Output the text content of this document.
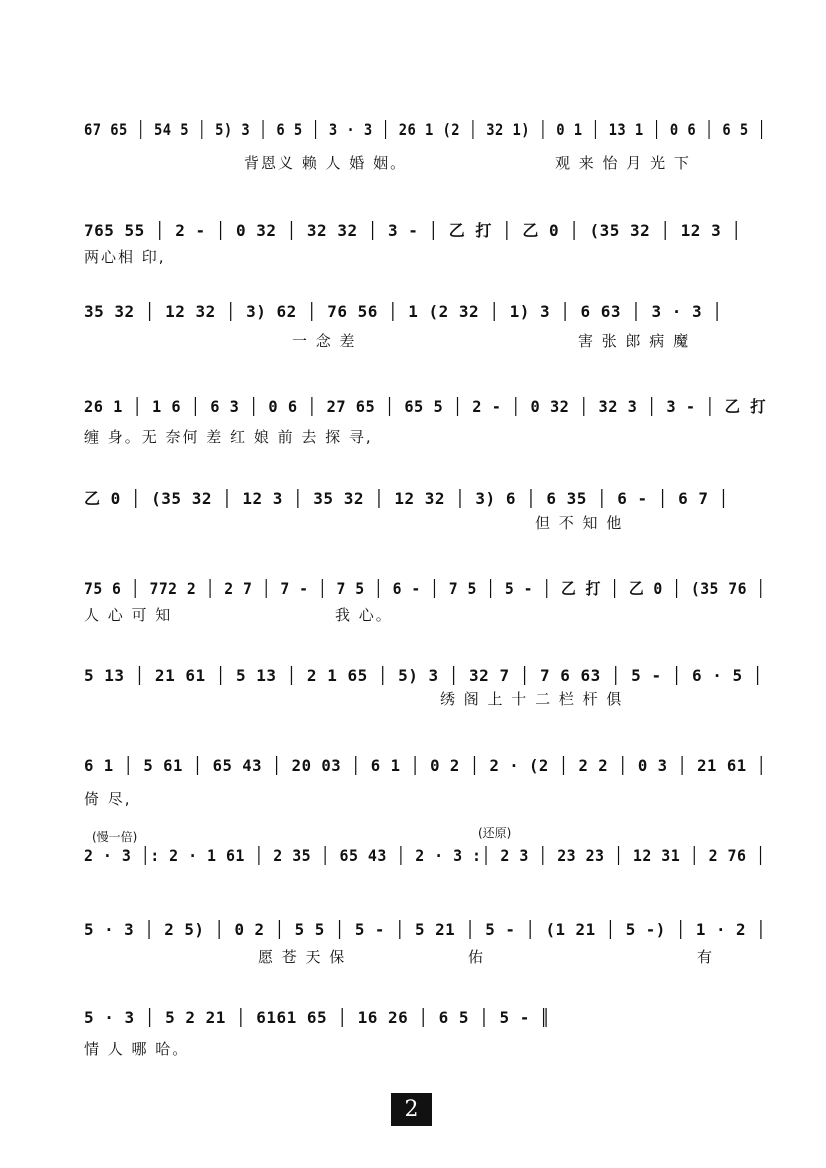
67 65 │ 54 5 │ 5) 3 │ 6 5 │ 3 · 3 │ 26 1 (2 │ 32 1) │ 0 1 │ 13 1 │ 0 6 │ 6 5 │
背恩义 赖 人 婚 姻。	观 来 怡 月 光 下
765 55 │ 2 - │ 0 32 │ 32 32 │ 3 - │ 乙 打 │ 乙 0 │ (35 32 │ 12 3 │
两心相 印,
35 32 │ 12 32 │ 3) 62 │ 76 56 │ 1 (2 32 │ 1) 3 │ 6 63 │ 3 · 3 │
一 念 差	害 张 郎 病 魔
26 1 │ 1 6 │ 6 3 │ 0 6 │ 27 65 │ 65 5 │ 2 - │ 0 32 │ 32 3 │ 3 - │ 乙 打
缠 身。无 奈何 差 红 娘 前 去 探 寻,
乙 0 │ (35 32 │ 12 3 │ 35 32 │ 12 32 │ 3) 6 │ 6 35 │ 6 - │ 6 7 │
但 不 知 他
75 6 │ 772 2 │ 2 7 │ 7 - │ 7 5 │ 6 - │ 7 5 │ 5 - │ 乙 打 │ 乙 0 │ (35 76 │
人 心 可 知	我 心。
5 13 │ 21 61 │ 5 13 │ 2 1 65 │ 5) 3 │ 32 7 │ 7 6 63 │ 5 - │ 6 · 5 │
绣 阁 上 十 二 栏 杆 俱
6 1 │ 5 61 │ 65 43 │ 20 03 │ 6 1 │ 0 2 │ 2 · (2 │ 2 2 │ 0 3 │ 21 61 │
倚 尽,
(慢一倍)	(还原)
2 · 3 │: 2 · 1 61 │ 2 35 │ 65 43 │ 2 · 3 :│ 2 3 │ 23 23 │ 12 31 │ 2 76 │
5 · 3 │ 2 5) │ 0 2 │ 5 5 │ 5 - │ 5 21 │ 5 - │ (1 21 │ 5 -) │ 1 · 2 │
愿 苍 天 保	佑	有
5 · 3 │ 5 2 21 │ 6161 65 │ 16 26 │ 6 5 │ 5 - ║
情 人 哪 哈。
2
